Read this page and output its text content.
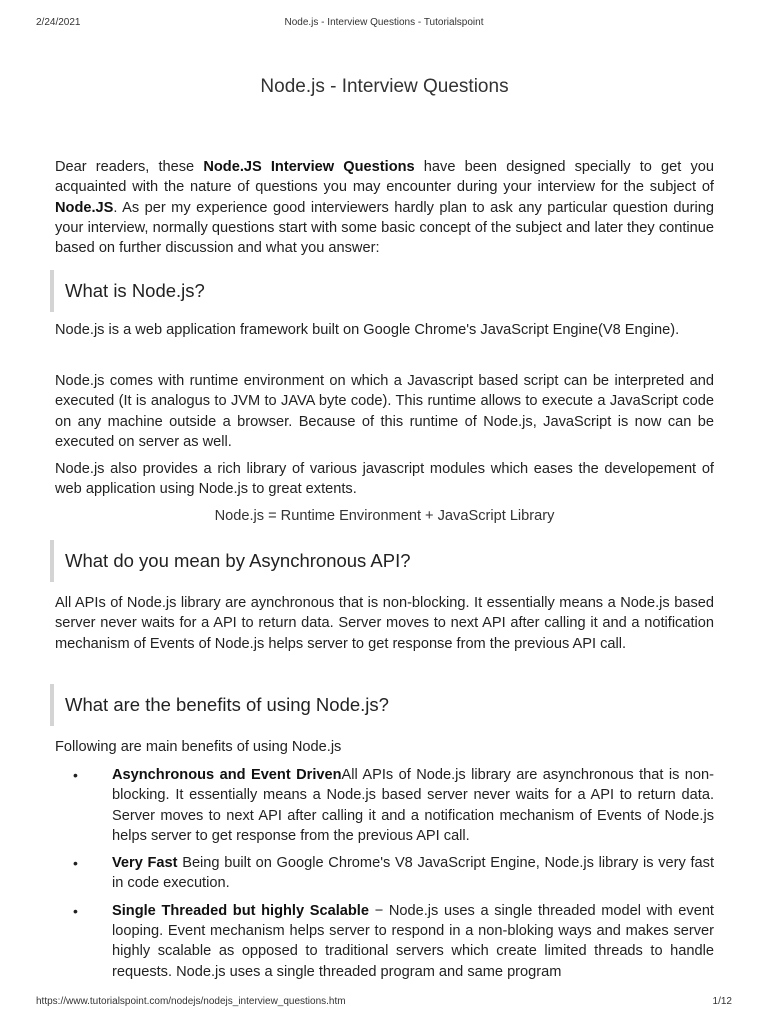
2/24/2021	Node.js - Interview Questions - Tutorialspoint
Node.js - Interview Questions

Dear readers, these Node.JS Interview Questions have been designed specially to get you acquainted with the nature of questions you may encounter during your interview for the subject of Node.JS. As per my experience good interviewers hardly plan to ask any particular question during your interview, normally questions start with some basic concept of the subject and later they continue based on further discussion and what you answer:

What is Node.js?

Node.js is a web application framework built on Google Chrome's JavaScript Engine(V8 Engine).

Node.js comes with runtime environment on which a Javascript based script can be interpreted and executed (It is analogus to JVM to JAVA byte code). This runtime allows to execute a JavaScript code on any machine outside a browser. Because of this runtime of Node.js, JavaScript is now can be executed on server as well.

Node.js also provides a rich library of various javascript modules which eases the developement of web application using Node.js to great extents.

Node.js = Runtime Environment + JavaScript Library
What do you mean by Asynchronous API?

All APIs of Node.js library are aynchronous that is non-blocking. It essentially means a Node.js based server never waits for a API to return data. Server moves to next API after calling it and a notification mechanism of Events of Node.js helps server to get response from the previous API call.

What are the benefits of using Node.js?

Following are main benefits of using Node.js

• Asynchronous and Event DrivenAll APIs of Node.js library are asynchronous that is non-blocking. It essentially means a Node.js based server never waits for a API to return data. Server moves to next API after calling it and a notification mechanism of Events of Node.js helps server to get response from the previous API call.
• Very Fast Being built on Google Chrome's V8 JavaScript Engine, Node.js library is very fast in code execution.
• Single Threaded but highly Scalable − Node.js uses a single threaded model with event looping. Event mechanism helps server to respond in a non-bloking ways and makes server highly scalable as opposed to traditional servers which create limited threads to handle requests. Node.js uses a single threaded program and same program
https://www.tutorialspoint.com/nodejs/nodejs_interview_questions.htm	1/12
